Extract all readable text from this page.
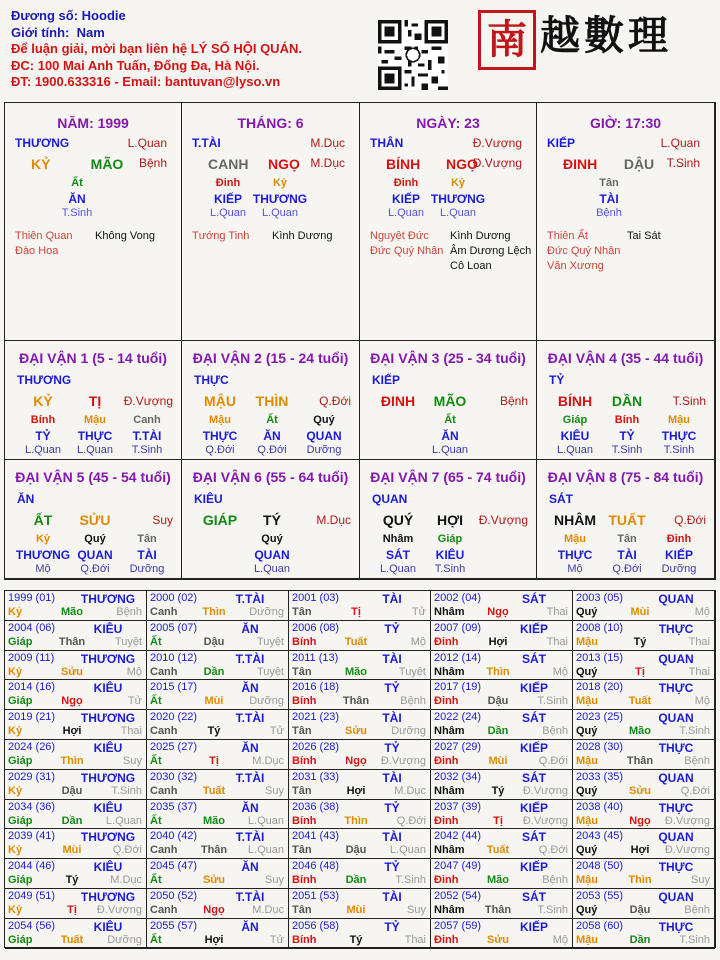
Đương số: Hoodie
Giới tính: Nam
Để luận giải, mời bạn liên hệ LÝ SỐ HỘI QUÁN.
ĐC: 100 Mai Anh Tuấn, Đống Đa, Hà Nội.
ĐT: 1900.633316 - Email: bantuvan@lyso.vn
南 越數理
NĂM: 1999
THƯƠNG	L.Quan
KỶ	MÃO	Bệnh
Ất
ĂN
T.Sinh
Thiên Quan
Đào Hoa
Không Vong
THÁNG: 6
T.TÀI	M.Dục
CANH	NGỌ M.Dục
Đinh
KIẾP
L.Quan
Kỷ
THƯƠNG
L.Quan
Tướng Tinh Kình Dương
NGÀY: 23
THÂN	Đ.Vượng
BÍNH	NGỌ
Đ.Vượng
Đinh
KIẾP
L.Quan
Kỷ
THƯƠNG
L.Quan
Nguyệt Đức
Đức Quý Nhân
Kình Dương
Âm Dương Lệch
Cô Loan
GIỜ: 17:30
KIẾP	L.Quan
ĐINH	DẬU	T.Sinh
Tân
TÀI
Bệnh
Thiên Ất
Đức Quý Nhân
Văn Xương
Tai Sát
ĐẠI VẬN 1 (5 - 14 tuổi)
THƯƠNG
KỶ	TỊ	Đ.Vượng
Bính
TỶ
L.Quan
Mậu
THỰC
L.Quan
Canh
T.TÀI
T.Sinh
ĐẠI VẬN 2 (15 - 24 tuổi)
THỰC
MẬU	THÌN	Q.Đới
Mậu
THỰC
Q.Đới
Ất
ĂN
Q.Đới
Quý
QUAN
Dưỡng
ĐẠI VẬN 3 (25 - 34 tuổi)
KIẾP
ĐINH	MÃO	Bệnh
Ất
ĂN
L.Quan
ĐẠI VẬN 4 (35 - 44 tuổi)
TỶ
BÍNH	DẦN	T.Sinh
Giáp
KIÊU
L.Quan
Bính
TỶ
T.Sinh
Mậu
THỰC
T.Sinh
ĐẠI VẬN 5 (45 - 54 tuổi)
ĂN
ẤT	SỬU	Suy
Kỷ
THƯƠNG
Mộ
Quý
QUAN
Q.Đới
Tân
TÀI
Dưỡng
ĐẠI VẬN 6 (55 - 64 tuổi)
KIÊU
GIÁP	TÝ	M.Dục
Quý
QUAN
L.Quan
ĐẠI VẬN 7 (65 - 74 tuổi)
QUAN
QUÝ	HỢI	Đ.Vượng
Nhâm
SÁT
L.Quan
Giáp
KIÊU
T.Sinh
ĐẠI VẬN 8 (75 - 84 tuổi)
SÁT
NHÂM TUẤT	Q.Đới
Mậu
THỰC
Mộ
Tân
TÀI
Q.Đới
Đinh
KIẾP
Dưỡng
1999 (01)	THƯƠNG
Kỷ	Mão	Bệnh
2000 (02)	T.TÀI
Canh	Thìn	Dưỡng
2001 (03)	TÀI
Tân	Tị	Tử
2002 (04)	SÁT
Nhâm	Ngọ	Thai
2003 (05)	QUAN
Quý	Mùi	Mộ
2004 (06)	KIÊU
Giáp	Thân	Tuyệt
2005 (07)	ĂN
Ất	Dậu	Tuyệt
2006 (08)	TỶ
Bính	Tuất	Mộ
2007 (09)	KIẾP
Đinh	Hợi	Thai
2008 (10)	THỰC
Mậu	Tý	Thai
2009 (11)	THƯƠNG
Kỷ	Sửu	Mộ
2010 (12)	T.TÀI
Canh	Dần	Tuyệt
2011 (13)	TÀI
Tân	Mão	Tuyệt
2012 (14)	SÁT
Nhâm	Thìn	Mộ
2013 (15)	QUAN
Quý	Tị	Thai
2014 (16)	KIÊU
Giáp	Ngọ	Tử
2015 (17)	ĂN
Ất	Mùi	Dưỡng
2016 (18)	TỶ
Bính	Thân	Bệnh
2017 (19)	KIẾP
Đinh	Dậu	T.Sinh
2018 (20)	THỰC
Mậu	Tuất	Mộ
2019 (21)	THƯƠNG
Kỷ	Hợi	Thai
2020 (22)	T.TÀI
Canh	Tý	Tử
2021 (23)	TÀI
Tân	Sửu	Dưỡng
2022 (24)	SÁT
Nhâm	Dần	Bệnh
2023 (25)	QUAN
Quý	Mão	T.Sinh
2024 (26)	KIÊU
Giáp	Thìn	Suy
2025 (27)	ĂN
Ất	Tị	M.Dục
2026 (28)	TỶ
Bính	Ngọ	Đ.Vượng
2027 (29)	KIẾP
Đinh	Mùi	Q.Đới
2028 (30)	THỰC
Mậu	Thân	Bệnh
2029 (31)	THƯƠNG
Kỷ	Dậu	T.Sinh
2030 (32)	T.TÀI
Canh	Tuất	Suy
2031 (33)	TÀI
Tân	Hợi	M.Dục
2032 (34)	SÁT
Nhâm	Tý	Đ.Vượng
2033 (35)	QUAN
Quý	Sửu	Q.Đới
2034 (36)	KIÊU
Giáp	Dần	L.Quan
2035 (37)	ĂN
Ất	Mão	L.Quan
2036 (38)	TỶ
Bính	Thìn	Q.Đới
2037 (39)	KIẾP
Đinh	Tị	Đ.Vượng
2038 (40)	THỰC
Mậu	Ngọ	Đ.Vượng
2039 (41)	THƯƠNG
Kỷ	Mùi	Q.Đới
2040 (42)	T.TÀI
Canh	Thân	L.Quan
2041 (43)	TÀI
Tân	Dậu	L.Quan
2042 (44)	SÁT
Nhâm	Tuất	Q.Đới
2043 (45)	QUAN
Quý	Hợi	Đ.Vượng
2044 (46)	KIÊU
Giáp	Tý	M.Dục
2045 (47)	ĂN
Ất	Sửu	Suy
2046 (48)	TỶ
Bính	Dần	T.Sinh
2047 (49)	KIẾP
Đinh	Mão	Bệnh
2048 (50)	THỰC
Mậu	Thìn	Suy
2049 (51)	THƯƠNG
Kỷ	Tị	Đ.Vượng
2050 (52)	T.TÀI
Canh	Ngọ	M.Dục
2051 (53)	TÀI
Tân	Mùi	Suy
2052 (54)	SÁT
Nhâm	Thân	T.Sinh
2053 (55)	QUAN
Quý	Dậu	Bệnh
2054 (56)	KIÊU
Giáp	Tuất	Dưỡng
2055 (57)	ĂN
Ất	Hợi	Tử
2056 (58)	TỶ
Bính	Tý	Thai
2057 (59)	KIẾP
Đinh	Sửu	Mộ
2058 (60)	THỰC
Mậu	Dần	T.Sinh
